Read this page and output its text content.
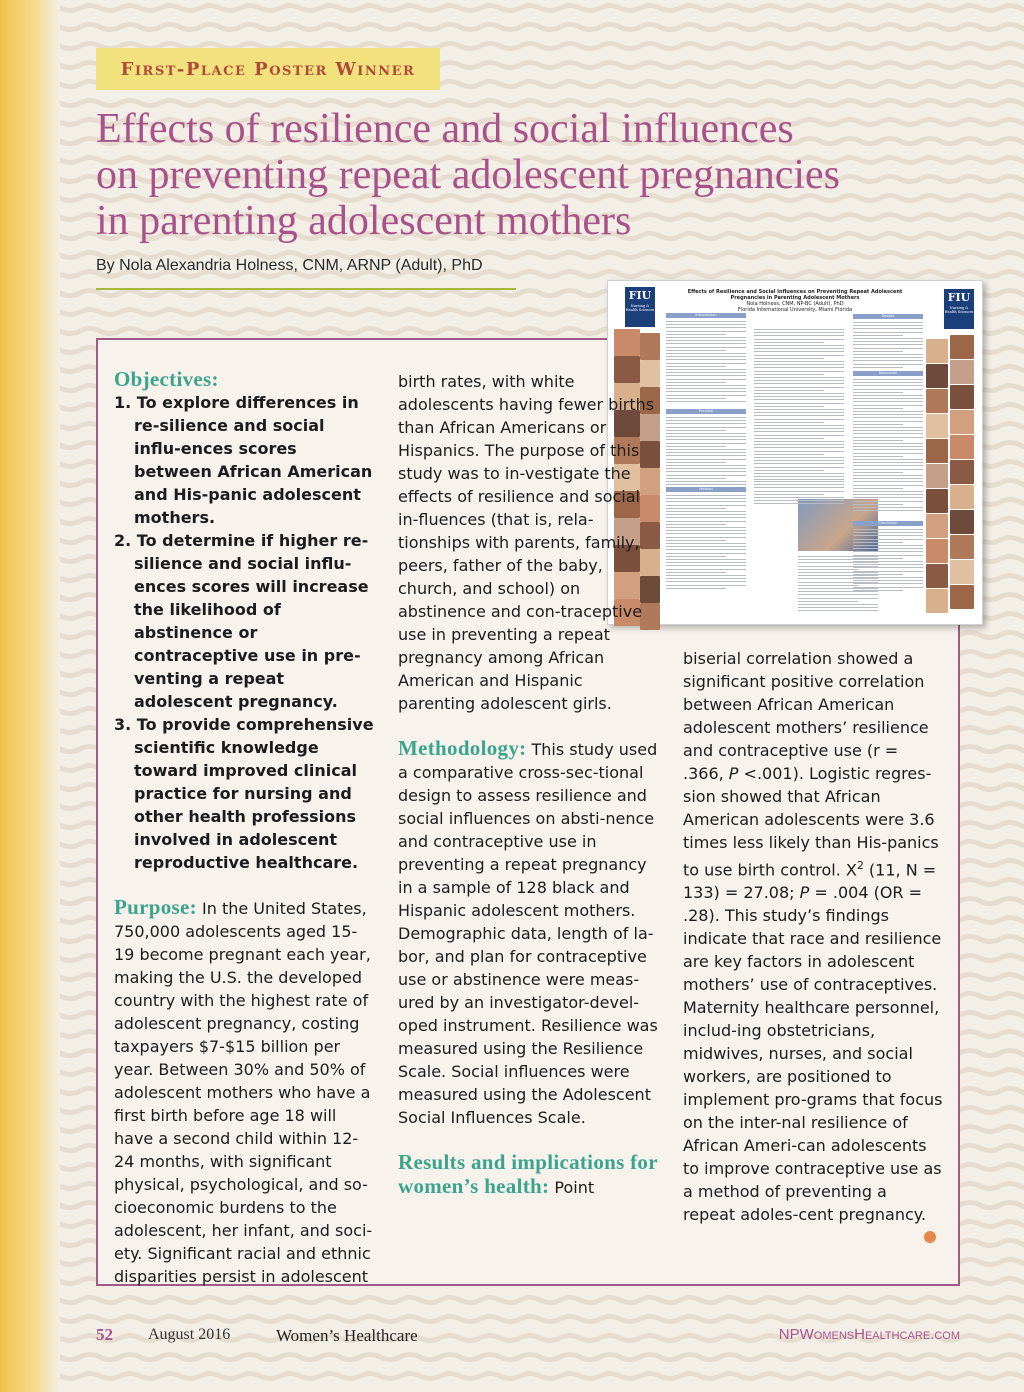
First-Place Poster Winner
Effects of resilience and social influences
on preventing repeat adolescent pregnancies
in parenting adolescent mothers
By Nola Alexandria Holness, CNM, ARNP (Adult), PhD
FIU
Nursing & Health Sciences
FIU
Nursing & Health Sciences
Effects of Resilience and Social Influences on Preventing Repeat Adolescent Pregnancies in Parenting Adolescent Mothers
Nola Holness, CNM, NP-BC (Adult), PhD
Florida International University, Miami Florida
Introduction
Purpose
Method
Results
Discussion
Conclusion
Objectives:
1. To explore differences in re-silience and social influ-ences scores between African American and His-panic adolescent mothers.
2. To determine if higher re-silience and social influ-ences scores will increase the likelihood of abstinence or contraceptive use in pre-venting a repeat adolescent pregnancy.
3. To provide comprehensive scientific knowledge toward improved clinical practice for nursing and other health professions involved in adolescent reproductive healthcare.

Purpose: In the United States, 750,000 adolescents aged 15-19 become pregnant each year, making the U.S. the developed country with the highest rate of adolescent pregnancy, costing taxpayers $7-$15 billion per year. Between 30% and 50% of adolescent mothers who have a first birth before age 18 will have a second child within 12-24 months, with significant physical, psychological, and so-cioeconomic burdens to the adolescent, her infant, and soci-ety. Significant racial and ethnic disparities persist in adolescent

birth rates, with white adolescents having fewer births than African Americans or Hispanics. The purpose of this study was to in-vestigate the effects of resilience and social in-fluences (that is, rela-tionships with parents, family, peers, father of the baby, church, and school) on abstinence and con-traceptive use in preventing a repeat pregnancy among African American and Hispanic parenting adolescent girls.

Methodology: This study used a comparative cross-sec-tional design to assess resilience and social influences on absti-nence and contraceptive use in preventing a repeat pregnancy in a sample of 128 black and Hispanic adolescent mothers. Demographic data, length of la-bor, and plan for contraceptive use or abstinence were meas-ured by an investigator-devel-oped instrument. Resilience was measured using the Resilience Scale. Social influences were measured using the Adolescent Social Influences Scale.

Results and implications for women’s health: Point

biserial correlation showed a significant positive correlation between African American adolescent mothers’ resilience and contraceptive use (r = .366, P <.001). Logistic regres-sion showed that African American adolescents were 3.6 times less likely than His-panics to use birth control. $X^2$ (11, N = 133) = 27.08; P = .004 (OR = .28). This study’s findings indicate that race and resilience are key factors in adolescent mothers’ use of contraceptives. Maternity healthcare personnel, includ-ing obstetricians, midwives, nurses, and social workers, are positioned to implement pro-grams that focus on the inter-nal resilience of African Ameri-can adolescents to improve contraceptive use as a method of preventing a repeat adoles-cent pregnancy.

52 August 2016	Women’s Healthcare	NPWomensHealthcare.com
